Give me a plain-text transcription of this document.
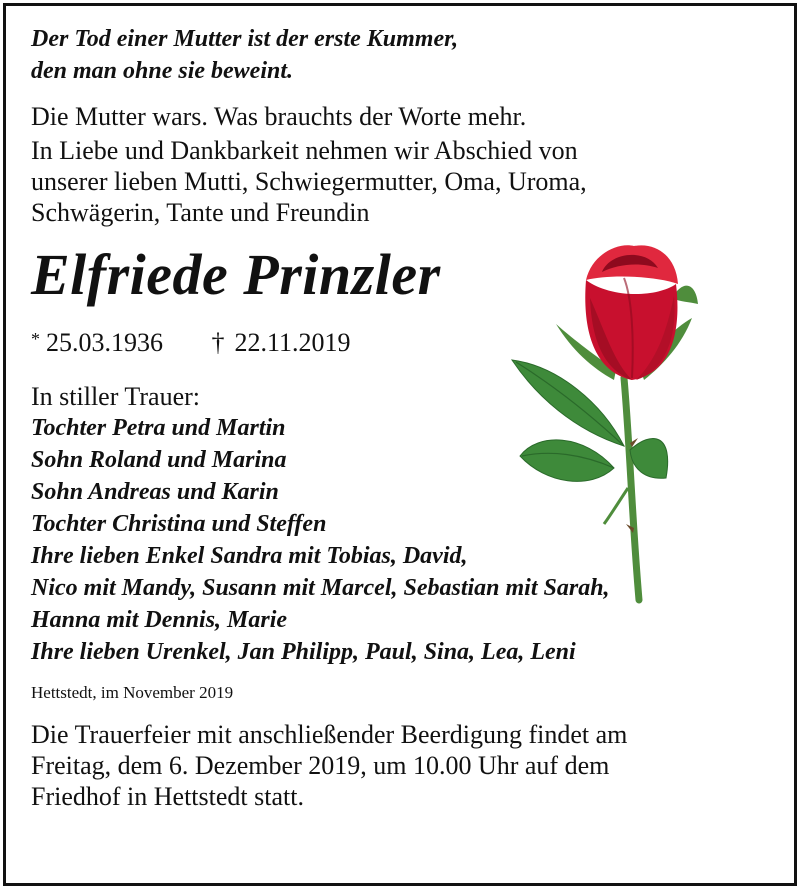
Der Tod einer Mutter ist der erste Kummer,
den man ohne sie beweint.

Die Mutter wars. Was brauchts der Worte mehr.

In Liebe und Dankbarkeit nehmen wir Abschied von
unserer lieben Mutti, Schwiegermutter, Oma, Uroma,
Schwägerin, Tante und Freundin

Elfriede Prinzler
* 25.03.1936 † 22.11.2019
In stiller Trauer:
Tochter Petra und Martin
Sohn Roland und Marina
Sohn Andreas und Karin
Tochter Christina und Steffen
Ihre lieben Enkel Sandra mit Tobias, David,
Nico mit Mandy, Susann mit Marcel, Sebastian mit Sarah,
Hanna mit Dennis, Marie
Ihre lieben Urenkel, Jan Philipp, Paul, Sina, Lea, Leni
Hettstedt, im November 2019

Die Trauerfeier mit anschließender Beerdigung findet am
Freitag, dem 6. Dezember 2019, um 10.00 Uhr auf dem
Friedhof in Hettstedt statt.
